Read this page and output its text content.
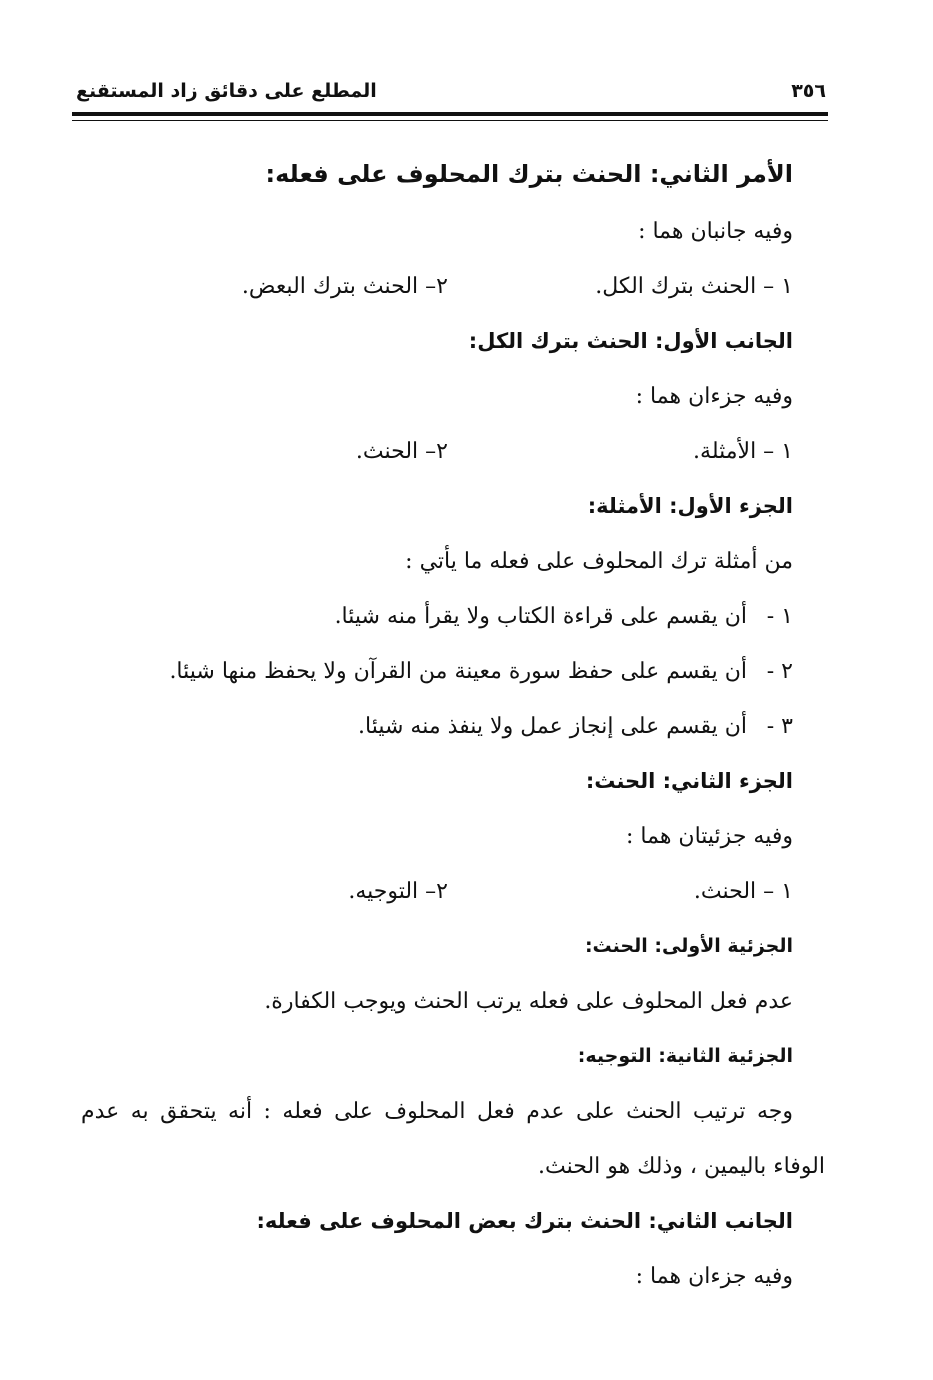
٣٥٦
المطلع على دقائق زاد المستقنع
الأمر الثاني: الحنث بترك المحلوف على فعله:
وفيه جانبان هما :
١ – الحنث بترك الكل.
٢– الحنث بترك البعض.
الجانب الأول: الحنث بترك الكل:
وفيه جزءان هما :
١ – الأمثلة.
٢– الحنث.
الجزء الأول: الأمثلة:
من أمثلة ترك المحلوف على فعله ما يأتي :
١ -
أن يقسم على قراءة الكتاب ولا يقرأ منه شيئا.
٢ -
أن يقسم على حفظ سورة معينة من القرآن ولا يحفظ منها شيئا.
٣ -
أن يقسم على إنجاز عمل ولا ينفذ منه شيئا.
الجزء الثاني: الحنث:
وفيه جزئيتان هما :
١ – الحنث.
٢– التوجيه.
الجزئية الأولى: الحنث:
عدم فعل المحلوف على فعله يرتب الحنث ويوجب الكفارة.
الجزئية الثانية: التوجيه:
وجه ترتيب الحنث على عدم فعل المحلوف على فعله : أنه يتحقق به عدم
الوفاء باليمين ، وذلك هو الحنث.
الجانب الثاني: الحنث بترك بعض المحلوف على فعله:
وفيه جزءان هما :
